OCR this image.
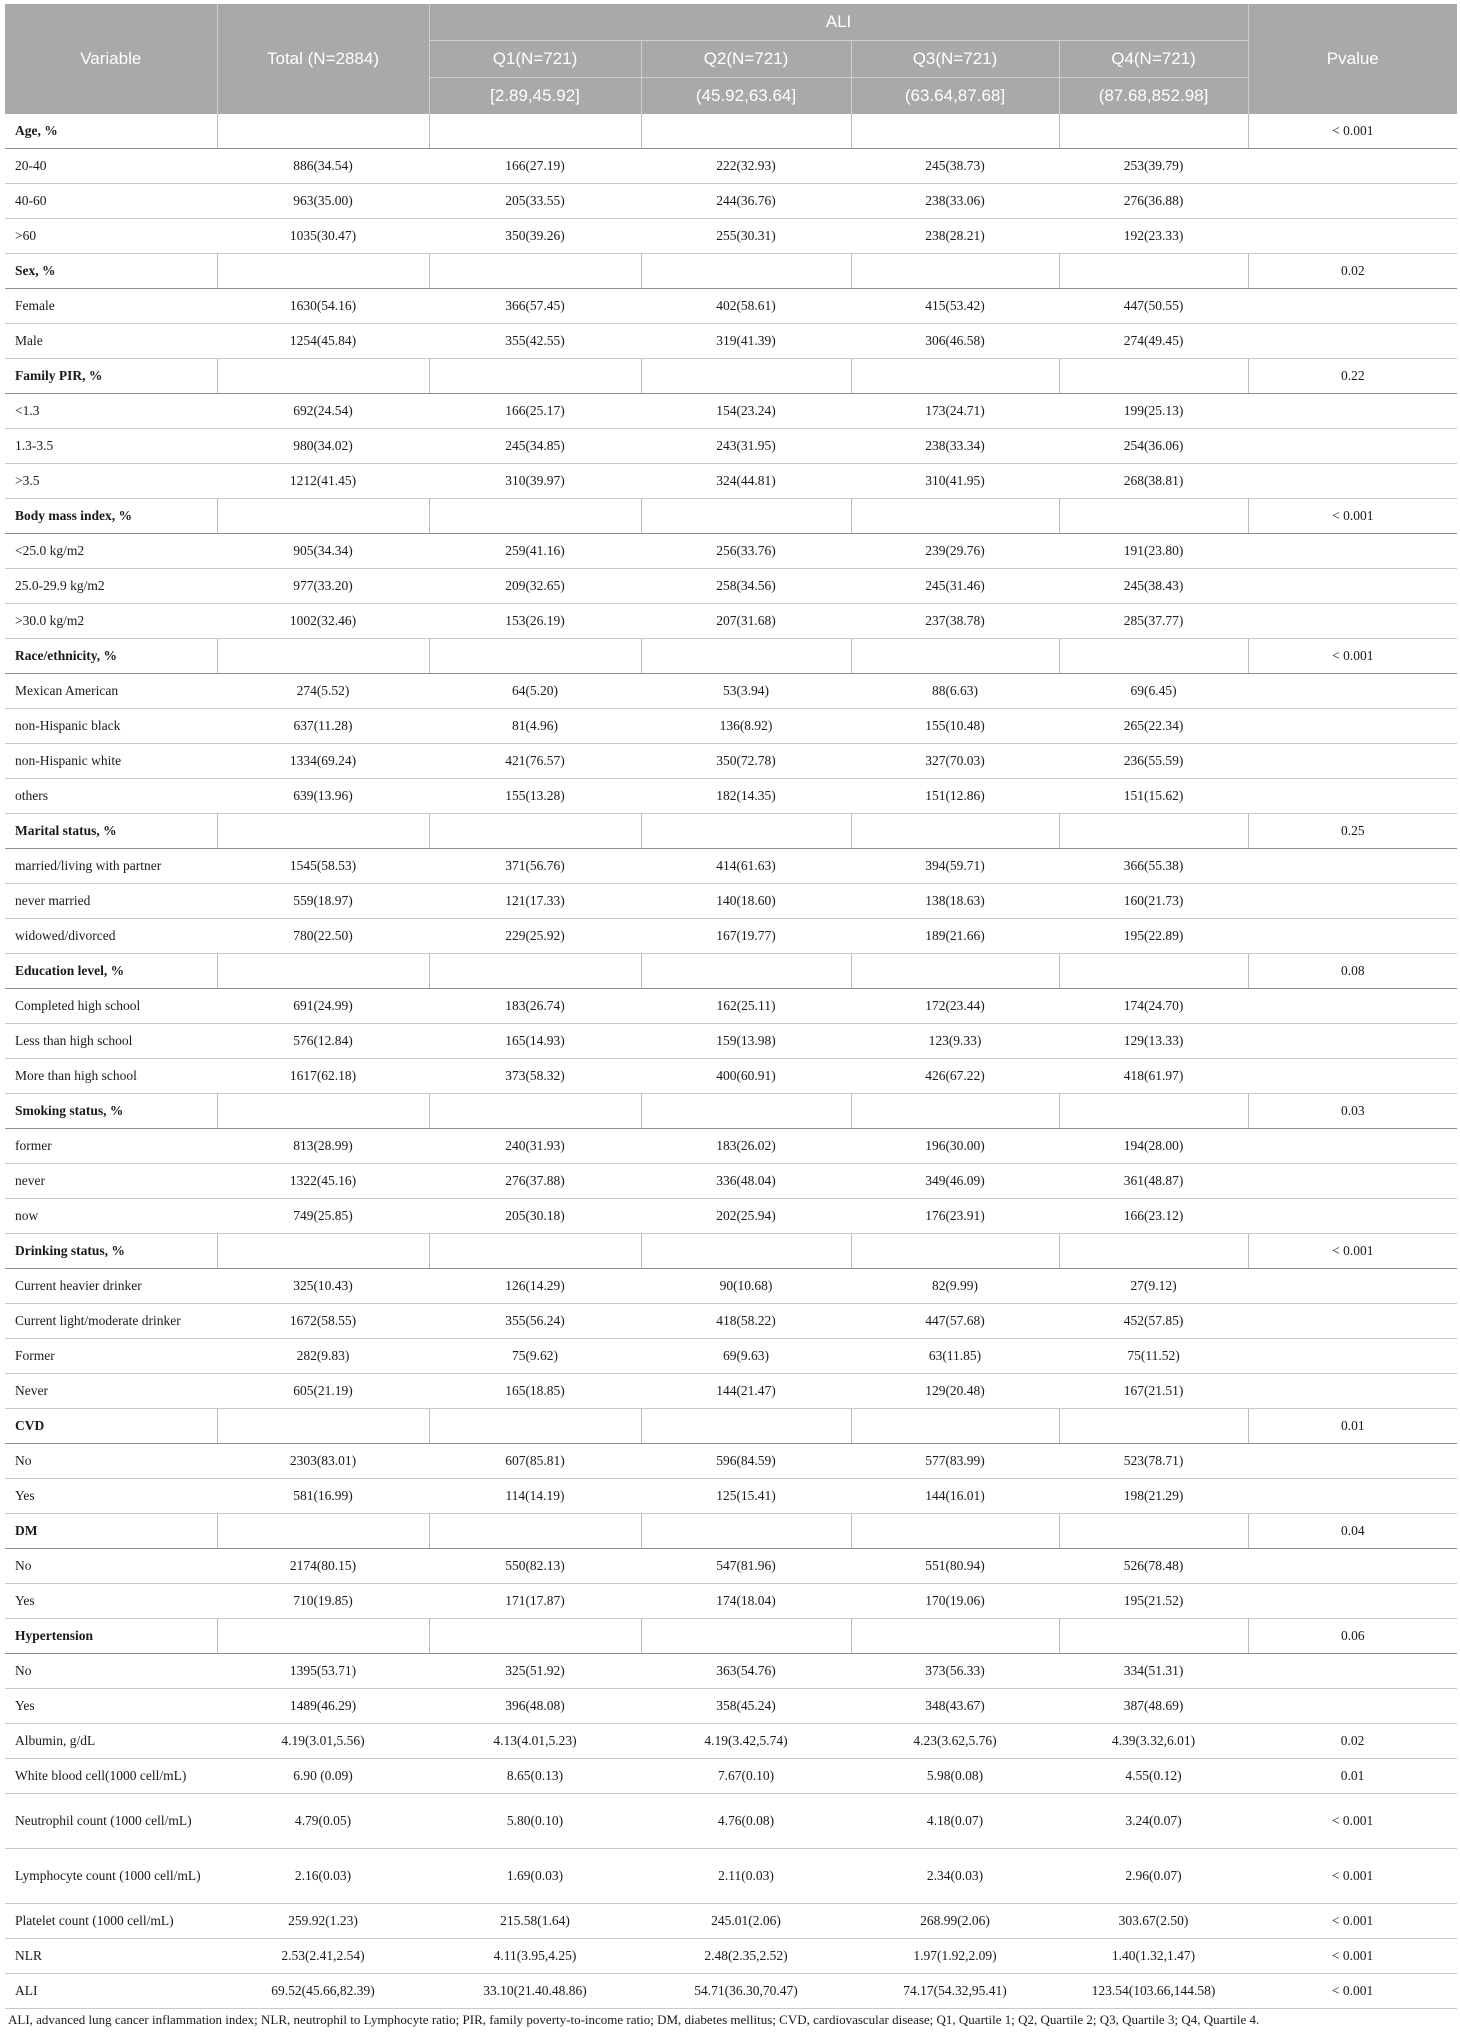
Variable	Total (N=2884)	ALI				Pvalue
		Q1(N=721)	Q2(N=721)	Q3(N=721)	Q4(N=721)	
		[2.89,45.92]	(45.92,63.64]	(63.64,87.68]	(87.68,852.98]	
Age, %						< 0.001
20-40	886(34.54)	166(27.19)	222(32.93)	245(38.73)	253(39.79)	
40-60	963(35.00)	205(33.55)	244(36.76)	238(33.06)	276(36.88)	
>60	1035(30.47)	350(39.26)	255(30.31)	238(28.21)	192(23.33)	
Sex, %						0.02
Female	1630(54.16)	366(57.45)	402(58.61)	415(53.42)	447(50.55)	
Male	1254(45.84)	355(42.55)	319(41.39)	306(46.58)	274(49.45)	
Family PIR, %						0.22
<1.3	692(24.54)	166(25.17)	154(23.24)	173(24.71)	199(25.13)	
1.3-3.5	980(34.02)	245(34.85)	243(31.95)	238(33.34)	254(36.06)	
>3.5	1212(41.45)	310(39.97)	324(44.81)	310(41.95)	268(38.81)	
Body mass index, %						< 0.001
<25.0 kg/m2	905(34.34)	259(41.16)	256(33.76)	239(29.76)	191(23.80)	
25.0-29.9 kg/m2	977(33.20)	209(32.65)	258(34.56)	245(31.46)	245(38.43)	
>30.0 kg/m2	1002(32.46)	153(26.19)	207(31.68)	237(38.78)	285(37.77)	
Race/ethnicity, %						< 0.001
Mexican American	274(5.52)	64(5.20)	53(3.94)	88(6.63)	69(6.45)	
non-Hispanic black	637(11.28)	81(4.96)	136(8.92)	155(10.48)	265(22.34)	
non-Hispanic white	1334(69.24)	421(76.57)	350(72.78)	327(70.03)	236(55.59)	
others	639(13.96)	155(13.28)	182(14.35)	151(12.86)	151(15.62)	
Marital status, %						0.25
married/living with partner	1545(58.53)	371(56.76)	414(61.63)	394(59.71)	366(55.38)	
never married	559(18.97)	121(17.33)	140(18.60)	138(18.63)	160(21.73)	
widowed/divorced	780(22.50)	229(25.92)	167(19.77)	189(21.66)	195(22.89)	
Education level, %						0.08
Completed high school	691(24.99)	183(26.74)	162(25.11)	172(23.44)	174(24.70)	
Less than high school	576(12.84)	165(14.93)	159(13.98)	123(9.33)	129(13.33)	
More than high school	1617(62.18)	373(58.32)	400(60.91)	426(67.22)	418(61.97)	
Smoking status, %						0.03
former	813(28.99)	240(31.93)	183(26.02)	196(30.00)	194(28.00)	
never	1322(45.16)	276(37.88)	336(48.04)	349(46.09)	361(48.87)	
now	749(25.85)	205(30.18)	202(25.94)	176(23.91)	166(23.12)	
Drinking status, %						< 0.001
Current heavier drinker	325(10.43)	126(14.29)	90(10.68)	82(9.99)	27(9.12)	
Current light/moderate drinker	1672(58.55)	355(56.24)	418(58.22)	447(57.68)	452(57.85)	
Former	282(9.83)	75(9.62)	69(9.63)	63(11.85)	75(11.52)	
Never	605(21.19)	165(18.85)	144(21.47)	129(20.48)	167(21.51)	
CVD						0.01
No	2303(83.01)	607(85.81)	596(84.59)	577(83.99)	523(78.71)	
Yes	581(16.99)	114(14.19)	125(15.41)	144(16.01)	198(21.29)	
DM						0.04
No	2174(80.15)	550(82.13)	547(81.96)	551(80.94)	526(78.48)	
Yes	710(19.85)	171(17.87)	174(18.04)	170(19.06)	195(21.52)	
Hypertension						0.06
No	1395(53.71)	325(51.92)	363(54.76)	373(56.33)	334(51.31)	
Yes	1489(46.29)	396(48.08)	358(45.24)	348(43.67)	387(48.69)	
Albumin, g/dL	4.19(3.01,5.56)	4.13(4.01,5.23)	4.19(3.42,5.74)	4.23(3.62,5.76)	4.39(3.32,6.01)	0.02
White blood cell(1000 cell/mL)	6.90 (0.09)	8.65(0.13)	7.67(0.10)	5.98(0.08)	4.55(0.12)	0.01
Neutrophil count (1000 cell/mL)	4.79(0.05)	5.80(0.10)	4.76(0.08)	4.18(0.07)	3.24(0.07)	< 0.001
Lymphocyte count (1000 cell/mL)	2.16(0.03)	1.69(0.03)	2.11(0.03)	2.34(0.03)	2.96(0.07)	< 0.001
Platelet count (1000 cell/mL)	259.92(1.23)	215.58(1.64)	245.01(2.06)	268.99(2.06)	303.67(2.50)	< 0.001
NLR	2.53(2.41,2.54)	4.11(3.95,4.25)	2.48(2.35,2.52)	1.97(1.92,2.09)	1.40(1.32,1.47)	< 0.001
ALI	69.52(45.66,82.39)	33.10(21.40.48.86)	54.71(36.30,70.47)	74.17(54.32,95.41)	123.54(103.66,144.58)	< 0.001
ALI, advanced lung cancer inflammation index; NLR, neutrophil to Lymphocyte ratio; PIR, family poverty-to-income ratio; DM, diabetes mellitus; CVD, cardiovascular disease; Q1, Quartile 1; Q2, Quartile 2; Q3, Quartile 3; Q4, Quartile 4.
